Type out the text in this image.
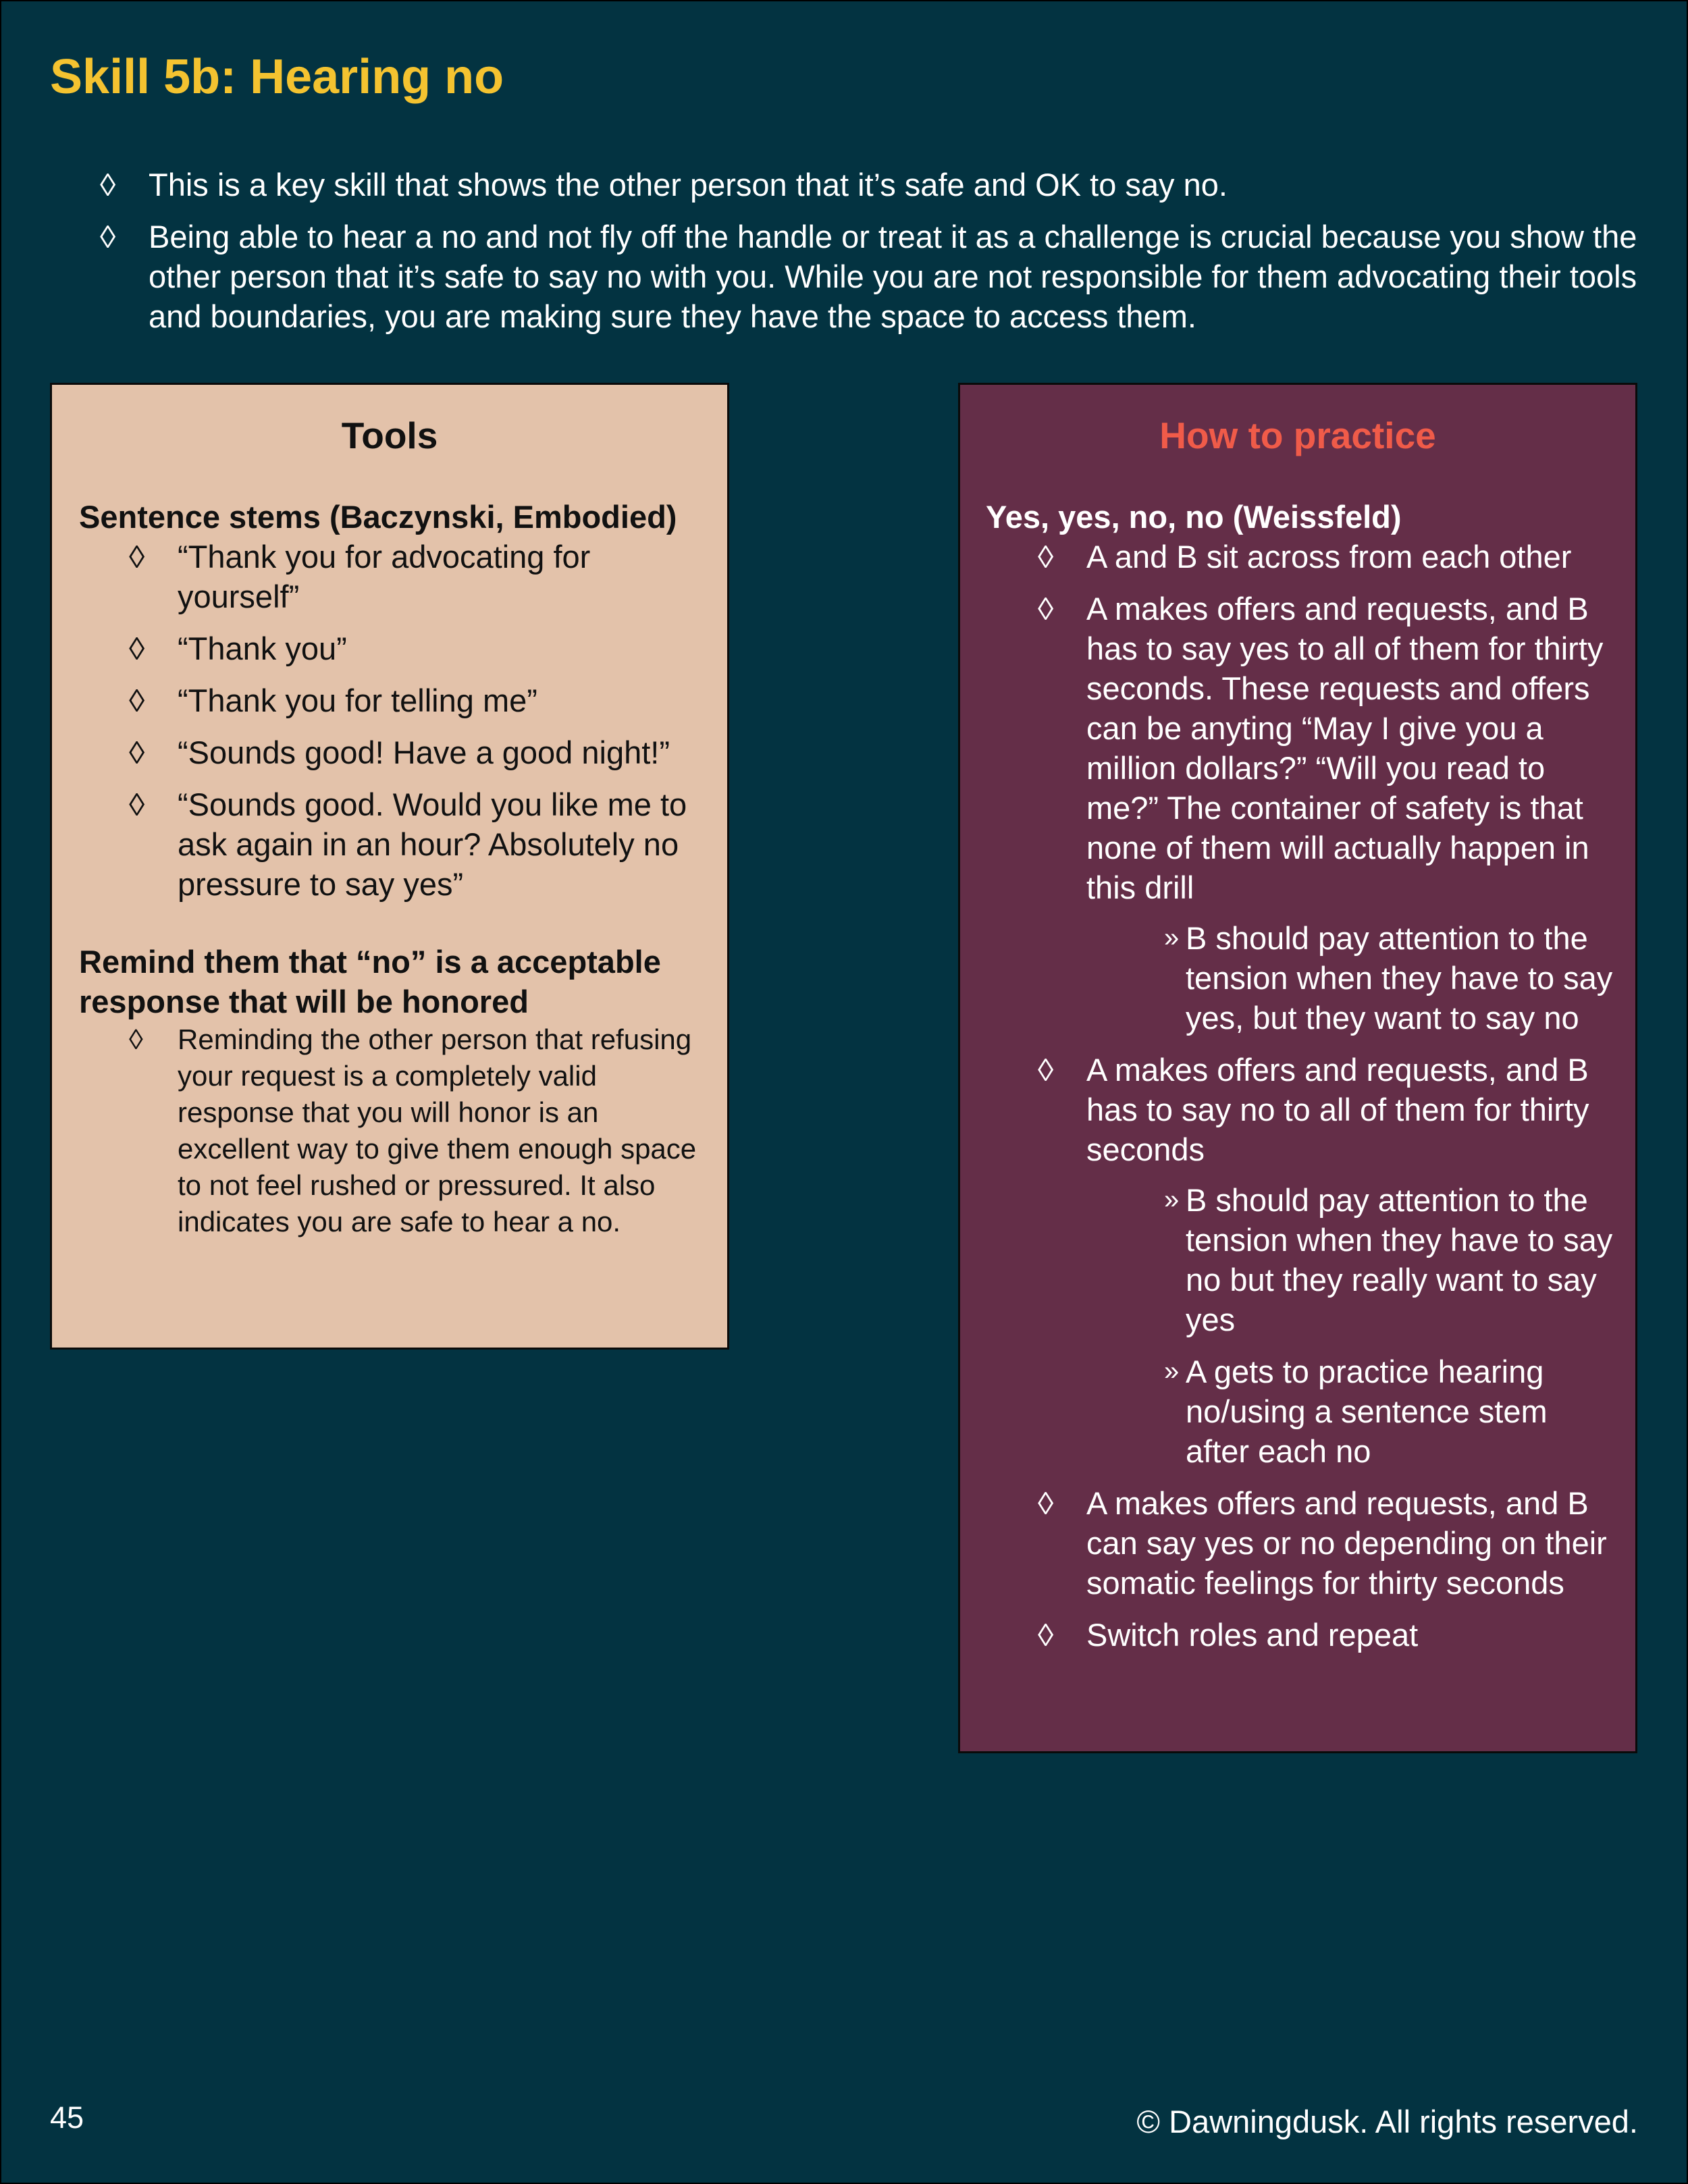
Skill 5b: Hearing no
◊ This is a key skill that shows the other person that it’s safe and OK to say no.
◊ Being able to hear a no and not fly off the handle or treat it as a challenge is crucial because you show the other person that it’s safe to say no with you. While you are not responsible for them advocating their tools and boundaries, you are making sure they have the space to access them.
Tools

Sentence stems (Baczynski, Embodied)

◊ “Thank you for advocating for yourself”
◊ “Thank you”
◊ “Thank you for telling me”
◊ “Sounds good! Have a good night!”
◊ “Sounds good. Would you like me to ask again in an hour? Absolutely no pressure to say yes”

Remind them that “no” is a acceptable response that will be honored

◊ Reminding the other person that refusing your request is a completely valid response that you will honor is an excellent way to give them enough space to not feel rushed or pressured. It also indicates you are safe to hear a no.
How to practice

Yes, yes, no, no (Weissfeld)

◊ A and B sit across from each other
◊ A makes offers and requests, and B has to say yes to all of them for thirty seconds. These requests and offers can be anyting “May I give you a million dollars?” “Will you read to me?” The container of safety is that none of them will actually happen in this drill
» B should pay attention to the tension when they have to say yes, but they want to say no
◊ A makes offers and requests, and B has to say no to all of them for thirty seconds
» B should pay attention to the tension when they have to say no but they really want to say yes
» A gets to practice hearing no/using a sentence stem after each no
◊ A makes offers and requests, and B can say yes or no depending on their somatic feelings for thirty seconds
◊ Switch roles and repeat
45	© Dawningdusk. All rights reserved.
